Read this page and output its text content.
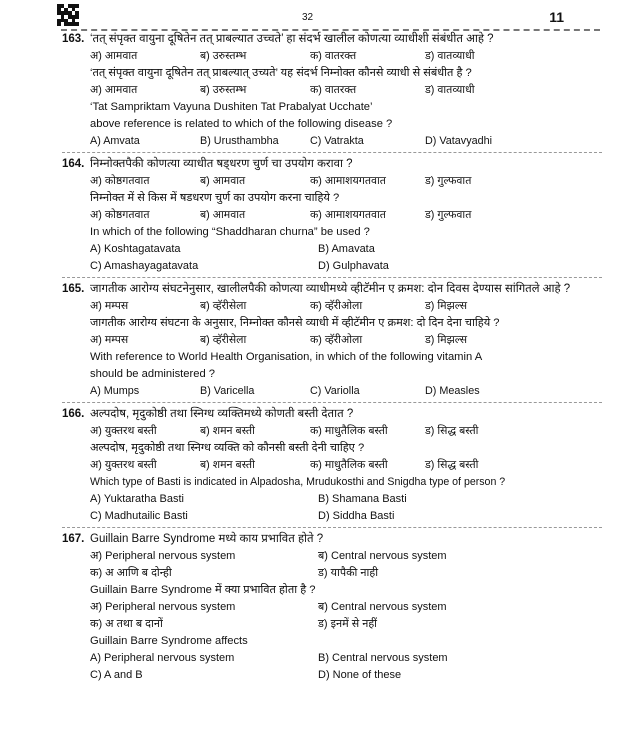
32	11
163. ‘तत् संपृक्त वायुना दूषितेन तत् प्राबल्यात उच्चते’ हा संदर्भ खालील कोणत्या व्याधीशी संबंधीत आहे ?
अ) आमवात	ब) उरुस्तम्भ	क) वातरक्त	ड) वातव्याधी
‘तत् संपृक्त वायुना दूषितेन तत् प्राबल्यात् उच्यते’ यह संदर्भ निम्नोक्त कौनसे व्याधी से संबंधीत है ?
अ) आमवात	ब) उरुस्तम्भ	क) वातरक्त	ड) वातव्याधी
‘Tat Sampriktam Vayuna Dushiten Tat Prabalyat Ucchate’
above reference is related to which of the following disease ?
A) Amvata	B) Urusthambha	C) Vatrakta	D) Vatavyadhi
164. निम्नोक्तपैकी कोणत्या व्याधीत षड्धरण चुर्ण चा उपयोग करावा ?
अ) कोष्ठगतवात	ब) आमवात	क) आमाशयगतवात	ड) गुल्फवात
निम्नोक्त में से किस में षडधरण चुर्ण का उपयोग करना चाहिये ?
अ) कोष्ठगतवात	ब) आमवात	क) आमाशयगतवात	ड) गुल्फवात
In which of the following “Shaddharan churna” be used ?
A) Koshtagatavata	B) Amavata
C) Amashayagatavata	D) Gulphavata
165. जागतीक आरोग्य संघटनेनुसार, खालीलपैकी कोणत्या व्याधीमध्ये व्हीटॅमीन ए क्रमश: दोन दिवस देण्यास सांगितले आहे ?
अ) मम्पस	ब) व्हॅरीसेला	क) व्हॅरीओला	ड) मिझल्स
जागतीक आरोग्य संघटना के अनुसार, निम्नोक्त कौनसे व्याधी में व्हीटॅमीन ए क्रमश: दो दिन देना चाहिये ?
अ) मम्पस	ब) व्हॅरीसेला	क) व्हॅरीओला	ड) मिझल्स
With reference to World Health Organisation, in which of the following vitamin A
should be administered ?
A) Mumps	B) Varicella	C) Variolla	D) Measles
166. अल्पदोष, मृदुकोष्ठी तथा स्निग्ध व्यक्तिमध्ये कोणती बस्ती देतात ?
अ) युक्तरथ बस्ती	ब) शमन बस्ती	क) माधुतैलिक बस्ती	ड) सिद्ध बस्ती
अल्पदोष, मृदुकोष्ठी तथा स्निग्ध व्यक्ति को कौनसी बस्ती देनी चाहिए ?
अ) युक्तरथ बस्ती	ब) शमन बस्ती	क) माधुतैलिक बस्ती	ड) सिद्ध बस्ती
Which type of Basti is indicated in Alpadosha, Mrudukosthi and Snigdha type of person ?
A) Yuktaratha Basti	B) Shamana Basti
C) Madhutailic Basti	D) Siddha Basti
167. Guillain Barre Syndrome मध्ये काय प्रभावित होते ?
अ) Peripheral nervous system	ब) Central nervous system
क) अ आणि ब दोन्ही	ड) यापैकी नाही
Guillain Barre Syndrome में क्या प्रभावित होता है ?
अ) Peripheral nervous system	ब) Central nervous system
क) अ तथा ब दानों	ड) इनमें से नहीं
Guillain Barre Syndrome affects
A) Peripheral nervous system	B) Central nervous system
C) A and B	D) None of these
